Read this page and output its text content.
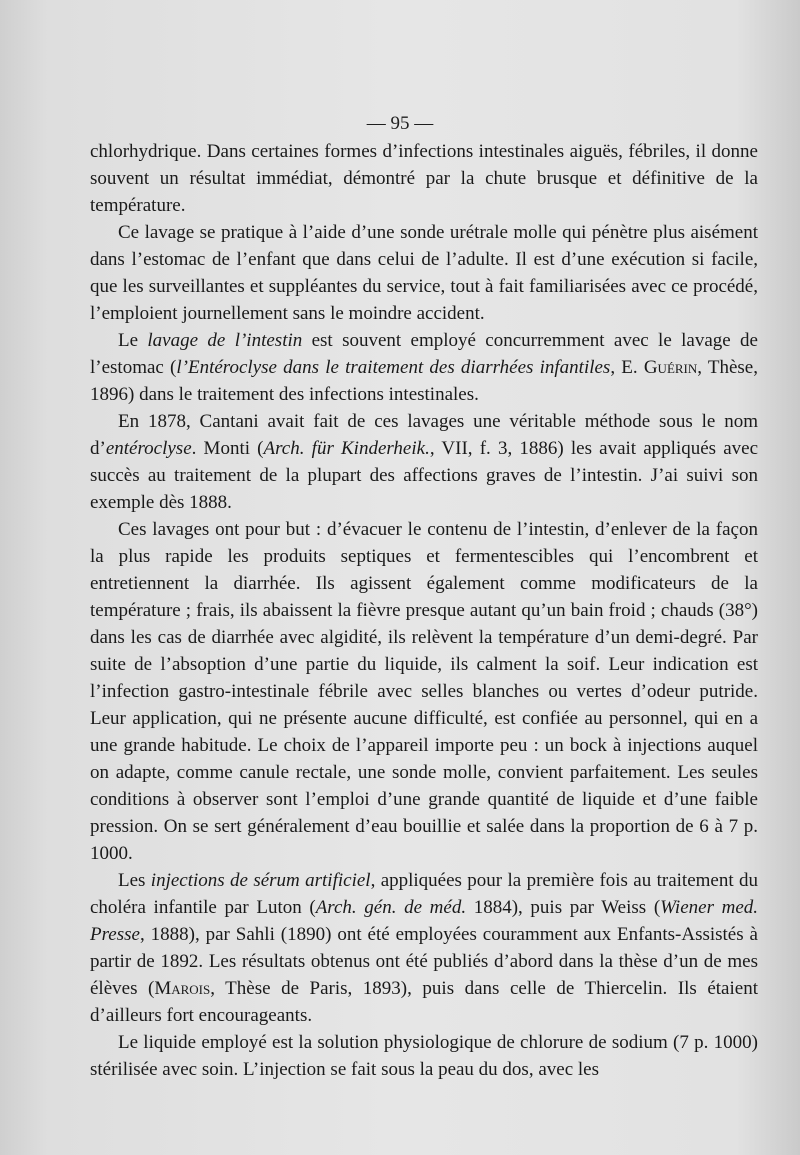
— 95 —

chlorhydrique. Dans certaines formes d’infections intestinales aiguës, fébriles, il donne souvent un résultat immédiat, démontré par la chute brusque et définitive de la température.

Ce lavage se pratique à l’aide d’une sonde urétrale molle qui pénètre plus aisément dans l’estomac de l’enfant que dans celui de l’adulte. Il est d’une exécution si facile, que les surveillantes et suppléantes du service, tout à fait familiarisées avec ce procédé, l’emploient journellement sans le moindre accident.

Le lavage de l’intestin est souvent employé concurremment avec le lavage de l’estomac (l’Entéroclyse dans le traitement des diarrhées infantiles, E. Guérin, Thèse, 1896) dans le traitement des infections intestinales.

En 1878, Cantani avait fait de ces lavages une véritable méthode sous le nom d’entéroclyse. Monti (Arch. für Kinderheik., VII, f. 3, 1886) les avait appliqués avec succès au traitement de la plupart des affections graves de l’intestin. J’ai suivi son exemple dès 1888.

Ces lavages ont pour but : d’évacuer le contenu de l’intestin, d’enlever de la façon la plus rapide les produits septiques et fermentescibles qui l’encombrent et entretiennent la diarrhée. Ils agissent également comme modificateurs de la température ; frais, ils abaissent la fièvre presque autant qu’un bain froid ; chauds (38°) dans les cas de diarrhée avec algidité, ils relèvent la température d’un demi-degré. Par suite de l’absoption d’une partie du liquide, ils calment la soif. Leur indication est l’infection gastro-intestinale fébrile avec selles blanches ou vertes d’odeur putride. Leur application, qui ne présente aucune difficulté, est confiée au personnel, qui en a une grande habitude. Le choix de l’appareil importe peu : un bock à injections auquel on adapte, comme canule rectale, une sonde molle, convient parfaitement. Les seules conditions à observer sont l’emploi d’une grande quantité de liquide et d’une faible pression. On se sert généralement d’eau bouillie et salée dans la proportion de 6 à 7 p. 1000.

Les injections de sérum artificiel, appliquées pour la première fois au traitement du choléra infantile par Luton (Arch. gén. de méd. 1884), puis par Weiss (Wiener med. Presse, 1888), par Sahli (1890) ont été employées couramment aux Enfants-Assistés à partir de 1892. Les résultats obtenus ont été publiés d’abord dans la thèse d’un de mes élèves (Marois, Thèse de Paris, 1893), puis dans celle de Thiercelin. Ils étaient d’ailleurs fort encourageants.

Le liquide employé est la solution physiologique de chlorure de sodium (7 p. 1000) stérilisée avec soin. L’injection se fait sous la peau du dos, avec les
